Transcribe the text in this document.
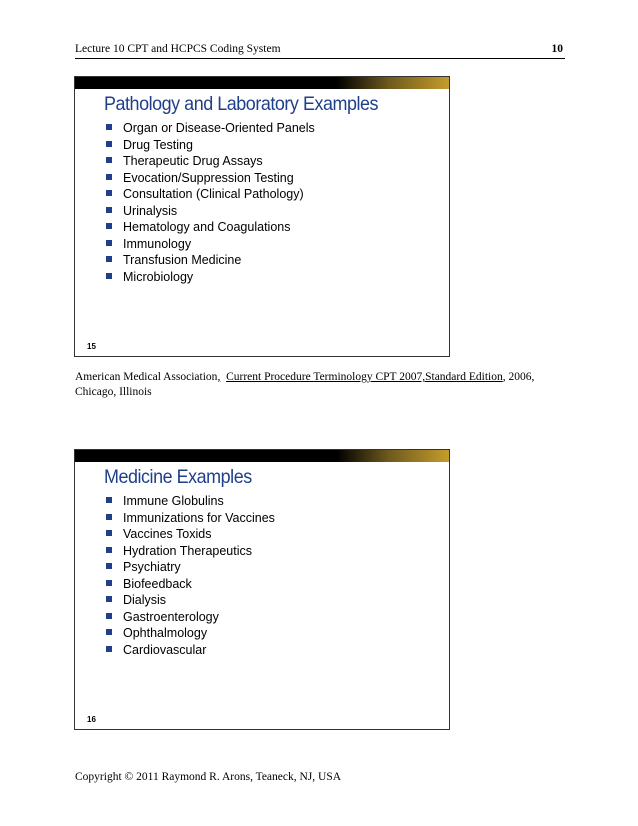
Lecture 10 CPT and HCPCS Coding System	10
Pathology and Laboratory Examples
Organ or Disease-Oriented Panels
Drug Testing
Therapeutic Drug Assays
Evocation/Suppression Testing
Consultation (Clinical Pathology)
Urinalysis
Hematology and Coagulations
Immunology
Transfusion Medicine
Microbiology
15
American Medical Association, Current Procedure Terminology CPT 2007,Standard Edition, 2006,
Chicago, Illinois
Medicine Examples
Immune Globulins
Immunizations for Vaccines
Vaccines Toxids
Hydration Therapeutics
Psychiatry
Biofeedback
Dialysis
Gastroenterology
Ophthalmology
Cardiovascular
16
Copyright © 2011 Raymond R. Arons, Teaneck, NJ, USA
